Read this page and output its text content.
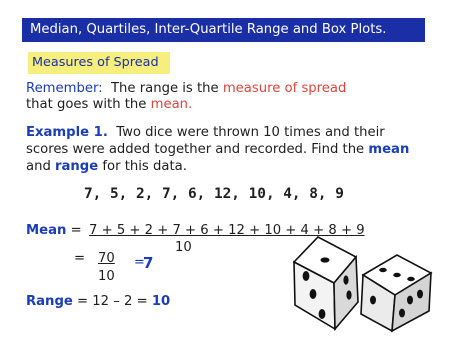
Median, Quartiles, Inter-Quartile Range and Box Plots.
Measures of Spread
Remember: The range is the measure of spread
that goes with the mean.
Example 1. Two dice were thrown 10 times and their
scores were added together and recorded. Find the mean
and range for this data.
7, 5, 2, 7, 6, 12, 10, 4, 8, 9
Mean = 7 + 5 + 2 + 7 + 6 + 12 + 10 + 4 + 8 + 9
10
= 70
10
=
7
Range = 12 – 2 = 10
